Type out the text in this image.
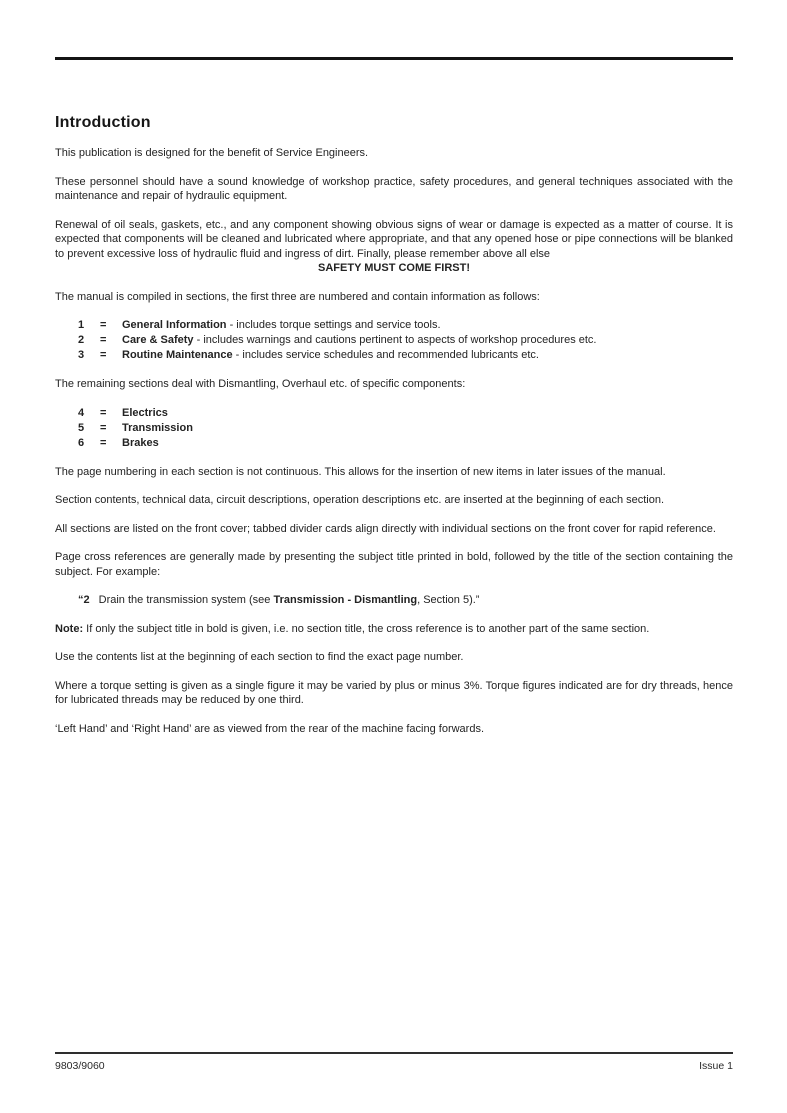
Introduction

This publication is designed for the benefit of Service Engineers.

These personnel should have a sound knowledge of workshop practice, safety procedures, and general techniques associated with the maintenance and repair of hydraulic equipment.

Renewal of oil seals, gaskets, etc., and any component showing obvious signs of wear or damage is expected as a matter of course. It is expected that components will be cleaned and lubricated where appropriate, and that any opened hose or pipe connections will be blanked to prevent excessive loss of hydraulic fluid and ingress of dirt. Finally, please remember above all else

SAFETY MUST COME FIRST!

The manual is compiled in sections, the first three are numbered and contain information as follows:

1	=	General Information - includes torque settings and service tools.
2	=	Care & Safety - includes warnings and cautions pertinent to aspects of workshop procedures etc.
3	=	Routine Maintenance - includes service schedules and recommended lubricants etc.

The remaining sections deal with Dismantling, Overhaul etc. of specific components:

4	=	Electrics
5	=	Transmission
6	=	Brakes

The page numbering in each section is not continuous. This allows for the insertion of new items in later issues of the manual.

Section contents, technical data, circuit descriptions, operation descriptions etc. are inserted at the beginning of each section.

All sections are listed on the front cover; tabbed divider cards align directly with individual sections on the front cover for rapid reference.

Page cross references are generally made by presenting the subject title printed in bold, followed by the title of the section containing the subject. For example:

“2 Drain the transmission system (see Transmission - Dismantling, Section 5).”

Note: If only the subject title in bold is given, i.e. no section title, the cross reference is to another part of the same section.

Use the contents list at the beginning of each section to find the exact page number.

Where a torque setting is given as a single figure it may be varied by plus or minus 3%. Torque figures indicated are for dry threads, hence for lubricated threads may be reduced by one third.

‘Left Hand’ and ‘Right Hand’ are as viewed from the rear of the machine facing forwards.

9803/9060	Issue 1
